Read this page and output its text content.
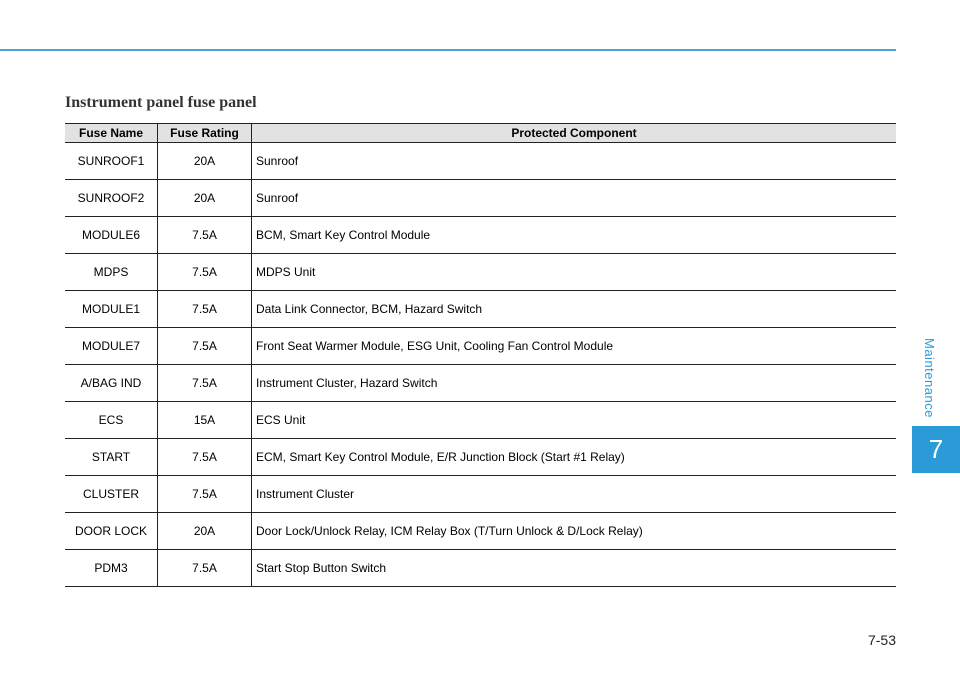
Instrument panel fuse panel
Fuse Name	Fuse Rating	Protected Component
SUNROOF1	20A	Sunroof
SUNROOF2	20A	Sunroof
MODULE6	7.5A	BCM, Smart Key Control Module
MDPS	7.5A	MDPS Unit
MODULE1	7.5A	Data Link Connector, BCM, Hazard Switch
MODULE7	7.5A	Front Seat Warmer Module, ESG Unit, Cooling Fan Control Module
A/BAG IND	7.5A	Instrument Cluster, Hazard Switch
ECS	15A	ECS Unit
START	7.5A	ECM, Smart Key Control Module, E/R Junction Block (Start #1 Relay)
CLUSTER	7.5A	Instrument Cluster
DOOR LOCK	20A	Door Lock/Unlock Relay, ICM Relay Box (T/Turn Unlock & D/Lock Relay)
PDM3	7.5A	Start Stop Button Switch
7-53
Maintenance
7
